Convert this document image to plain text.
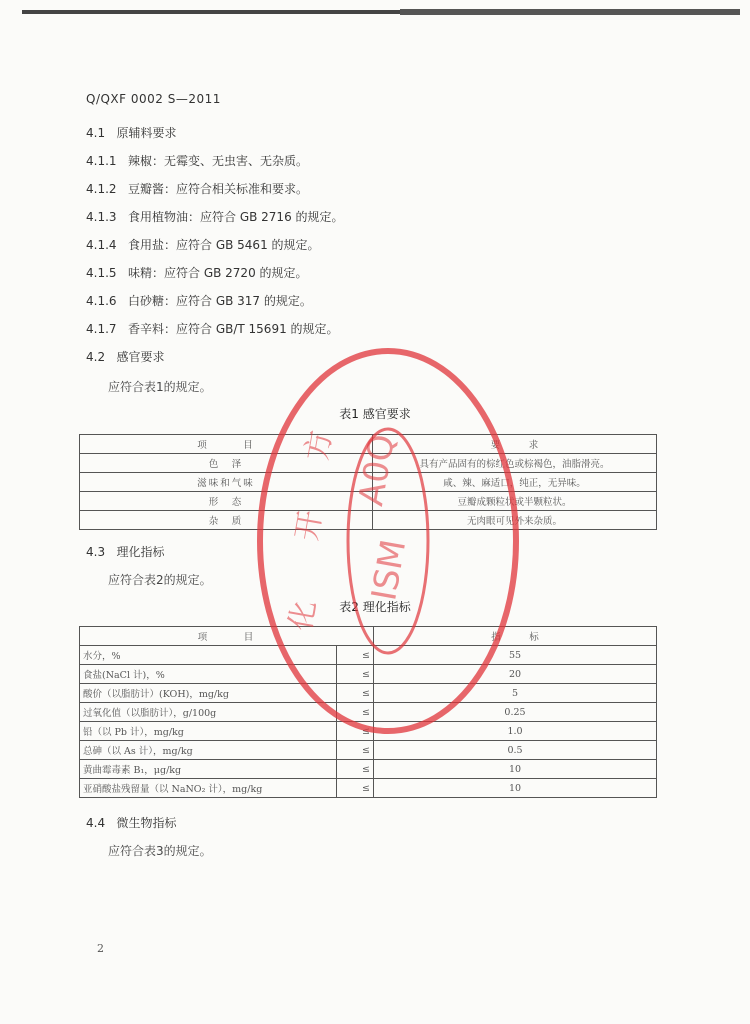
Q/QXF 0002 S—2011
4.1 原辅料要求
4.1.1 辣椒：无霉变、无虫害、无杂质。
4.1.2 豆瓣酱：应符合相关标准和要求。
4.1.3 食用植物油：应符合 GB 2716 的规定。
4.1.4 食用盐：应符合 GB 5461 的规定。
4.1.5 味精：应符合 GB 2720 的规定。
4.1.6 白砂糖：应符合 GB 317 的规定。
4.1.7 香辛料：应符合 GB/T 15691 的规定。
4.2 感官要求
应符合表1的规定。
表1 感官要求
项　　　目	要　　　求
色　泽	具有产品固有的棕红色或棕褐色，油脂滑亮。
滋味和气味	咸、辣、麻适口，纯正，无异味。
形　态	豆瓣成颗粒状或半颗粒状。
杂　质	无肉眼可见外来杂质。
4.3 理化指标
应符合表2的规定。
表2 理化指标
项　　　目		指　　　标
水分，%	≤	55
食盐(NaCl 计)，%	≤	20
酸价（以脂肪计）(KOH)，mg/kg	≤	5
过氧化值（以脂肪计），g/100g	≤	0.25
铅（以 Pb 计），mg/kg	≤	1.0
总砷（以 As 计），mg/kg	≤	0.5
黄曲霉毒素 B₁，μg/kg	≤	10
亚硝酸盐残留量（以 NaNO₂ 计），mg/kg	≤	10
4.4 微生物指标
应符合表3的规定。
A0Q
ISM
方
开
化
2
